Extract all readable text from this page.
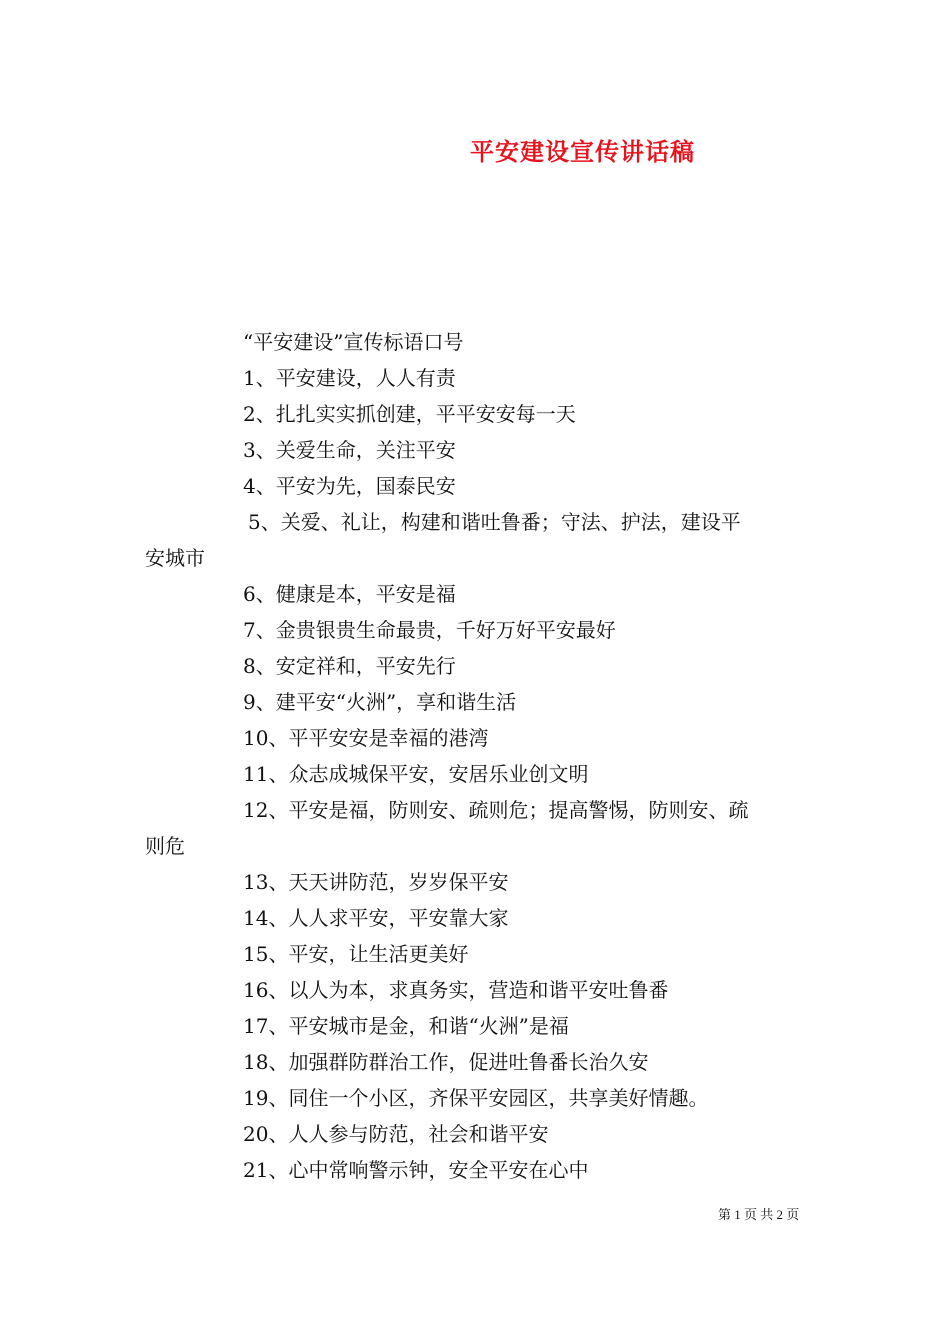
平安建设宣传讲话稿
“平安建设”宣传标语口号
1、平安建设，人人有责
2、扎扎实实抓创建，平平安安每一天
3、关爱生命，关注平安
4、平安为先，国泰民安
5、关爱、礼让，构建和谐吐鲁番；守法、护法，建设平
安城市
6、健康是本，平安是福
7、金贵银贵生命最贵，千好万好平安最好
8、安定祥和，平安先行
9、建平安“火洲”，享和谐生活
10、平平安安是幸福的港湾
11、众志成城保平安，安居乐业创文明
12、平安是福，防则安、疏则危；提高警惕，防则安、疏
则危
13、天天讲防范，岁岁保平安
14、人人求平安，平安靠大家
15、平安，让生活更美好
16、以人为本，求真务实，营造和谐平安吐鲁番
17、平安城市是金，和谐“火洲”是福
18、加强群防群治工作，促进吐鲁番长治久安
19、同住一个小区，齐保平安园区，共享美好情趣。
20、人人参与防范，社会和谐平安
21、心中常响警示钟，安全平安在心中
第 1 页 共 2 页
